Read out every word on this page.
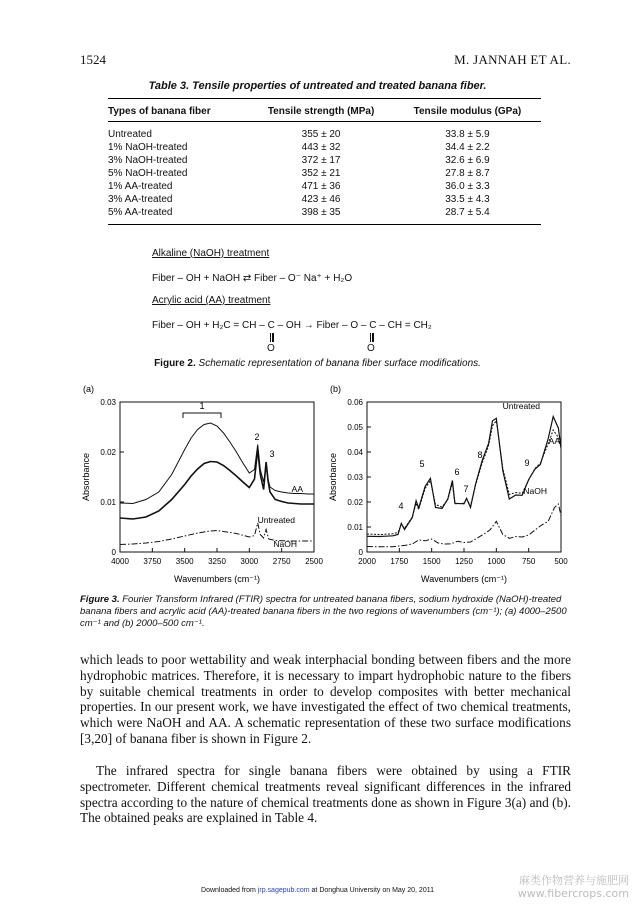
1524	M. JANNAH ET AL.
Table 3. Tensile properties of untreated and treated banana fiber.
Types of banana fiber	Tensile strength (MPa)	Tensile modulus (GPa)
Untreated	355 ± 20	33.8 ± 5.9
1% NaOH-treated	443 ± 32	34.4 ± 2.2
3% NaOH-treated	372 ± 17	32.6 ± 6.9
5% NaOH-treated	352 ± 21	27.8 ± 8.7
1% AA-treated	471 ± 36	36.0 ± 3.3
3% AA-treated	423 ± 46	33.5 ± 4.3
5% AA-treated	398 ± 35	28.7 ± 5.4
Alkaline (NaOH) treatment
Fiber – OH + NaOH ⇄ Fiber – O⁻ Na⁺ + H₂O
Acrylic acid (AA) treatment
Fiber – OH + H₂C = CH – C – OH → Fiber – O – C – CH = CH₂
O	O
Figure 2. Schematic representation of banana fiber surface modifications.
(a)
4000 3750 3500 3250 3000 2750 2500
0
0.01
0.02
0.03
AA
Untreated
NaOH
Wavenumbers (cm⁻¹)
Absorbance
1
2
3
(b)
2000 1750 1500 1250 1000 750 500
0
0.01
0.02
0.03
0.04
0.05
0.06	Untreated
AA
NaOH
Wavenumbers (cm⁻¹)
Absorbance
4
5
6
7
8
9
Figure 3. Fourier Transform Infrared (FTIR) spectra for untreated banana fibers, sodium hydroxide (NaOH)-treated banana fibers and acrylic acid (AA)-treated banana fibers in the two regions of wavenumbers (cm⁻¹); (a) 4000–2500 cm⁻¹ and (b) 2000–500 cm⁻¹.

which leads to poor wettability and weak interphacial bonding between fibers and the more hydrophobic matrices. Therefore, it is necessary to impart hydrophobic nature to the fibers by suitable chemical treatments in order to develop composites with better mechanical properties. In our present work, we have investigated the effect of two chemical treatments, which were NaOH and AA. A schematic representation of these two surface modifications [3,20] of banana fiber is shown in Figure 2.

The infrared spectra for single banana fibers were obtained by using a FTIR spectrometer. Different chemical treatments reveal significant differences in the infrared spectra according to the nature of chemical treatments done as shown in Figure 3(a) and (b). The obtained peaks are explained in Table 4.

Downloaded from jrp.sagepub.com at Donghua University on May 20, 2011
麻类作物营养与施肥网
www.fibercrops.com
